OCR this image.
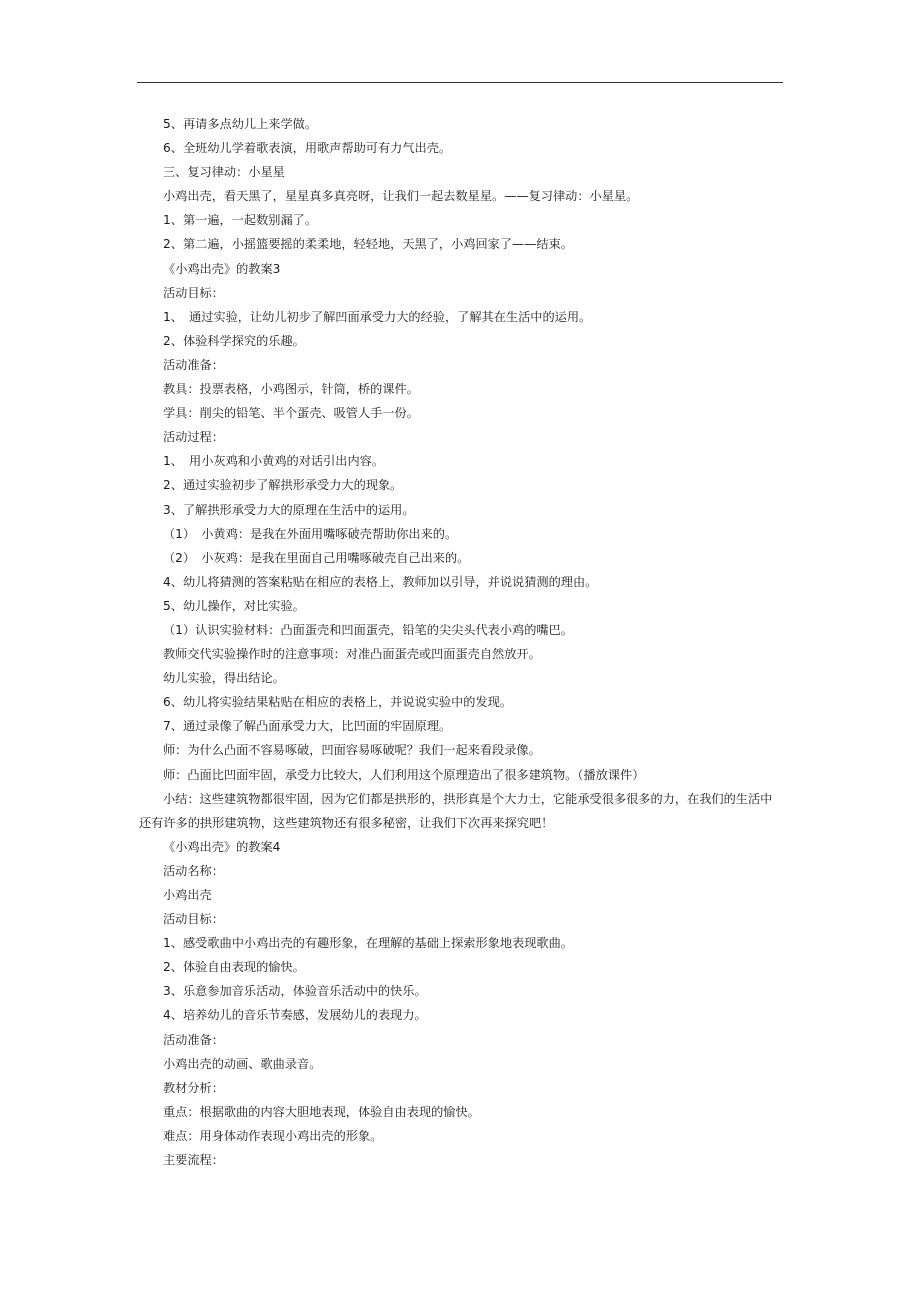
5、再请多点幼儿上来学做。
6、全班幼儿学着歌表演，用歌声帮助可有力气出壳。
三、复习律动：小星星
小鸡出壳，看天黑了，星星真多真亮呀，让我们一起去数星星。——复习律动：小星星。
1、第一遍，一起数别漏了。
2、第二遍，小摇篮要摇的柔柔地，轻轻地，天黑了，小鸡回家了——结束。
《小鸡出壳》的教案3
活动目标：
1、　通过实验，让幼儿初步了解凹面承受力大的经验，了解其在生活中的运用。
2、体验科学探究的乐趣。
活动准备：
教具：投票表格，小鸡图示，针筒，桥的课件。
学具：削尖的铅笔、半个蛋壳、吸管人手一份。
活动过程：
1、　用小灰鸡和小黄鸡的对话引出内容。
2、通过实验初步了解拱形承受力大的现象。
3、了解拱形承受力大的原理在生活中的运用。
（1）　小黄鸡：是我在外面用嘴啄破壳帮助你出来的。
（2）　小灰鸡：是我在里面自己用嘴啄破壳自己出来的。
4、幼儿将猜测的答案粘贴在相应的表格上，教师加以引导，并说说猜测的理由。
5、幼儿操作，对比实验。
（1）认识实验材料：凸面蛋壳和凹面蛋壳，铅笔的尖尖头代表小鸡的嘴巴。
教师交代实验操作时的注意事项：对准凸面蛋壳或凹面蛋壳自然放开。
幼儿实验，得出结论。
6、幼儿将实验结果粘贴在相应的表格上，并说说实验中的发现。
7、通过录像了解凸面承受力大，比凹面的牢固原理。
师：为什么凸面不容易啄破，凹面容易啄破呢？我们一起来看段录像。
师：凸面比凹面牢固，承受力比较大，人们利用这个原理造出了很多建筑物。（播放课件）
小结：这些建筑物都很牢固，因为它们都是拱形的，拱形真是个大力士，它能承受很多很多的力，在我们的生活中
还有许多的拱形建筑物，这些建筑物还有很多秘密，让我们下次再来探究吧！
《小鸡出壳》的教案4
活动名称：
小鸡出壳
活动目标：
1、感受歌曲中小鸡出壳的有趣形象，在理解的基础上探索形象地表现歌曲。
2、体验自由表现的愉快。
3、乐意参加音乐活动，体验音乐活动中的快乐。
4、培养幼儿的音乐节奏感，发展幼儿的表现力。
活动准备：
小鸡出壳的动画、歌曲录音。
教材分析：
重点：根据歌曲的内容大胆地表现，体验自由表现的愉快。
难点：用身体动作表现小鸡出壳的形象。
主要流程：
